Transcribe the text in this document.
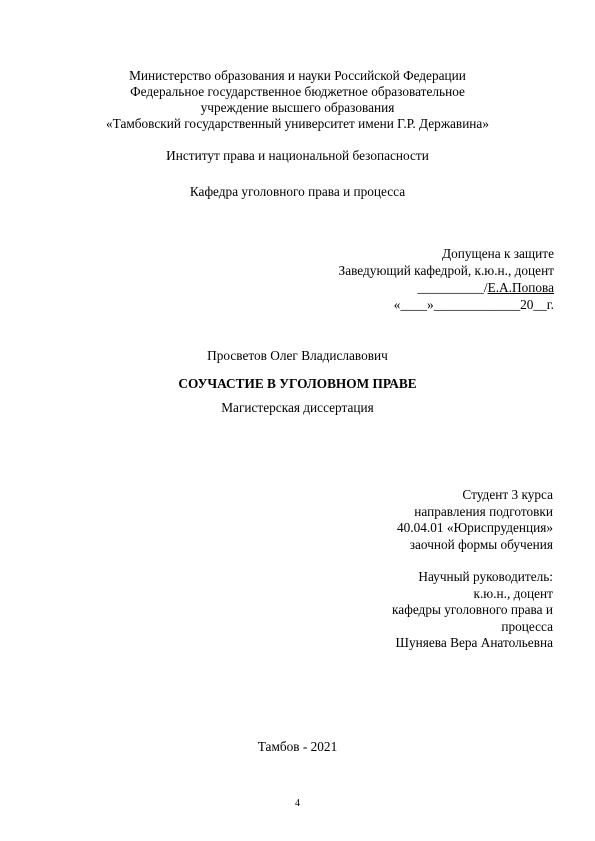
Министерство образования и науки Российской Федерации
Федеральное государственное бюджетное образовательное
учреждение высшего образования
«Тамбовский государственный университет имени Г.Р. Державина»
Институт права и национальной безопасности
Кафедра уголовного права и процесса
Допущена к защите
Заведующий кафедрой, к.ю.н., доцент
__________/Е.А.Попова
«____»_____________20__г.
Просветов Олег Владиславович
СОУЧАСТИЕ В УГОЛОВНОМ ПРАВЕ
Магистерская диссертация
Студент 3 курса
направления подготовки
40.04.01 «Юриспруденция»
заочной формы обучения
Научный руководитель:
к.ю.н., доцент
кафедры уголовного права и
процесса
Шуняева Вера Анатольевна
Тамбов - 2021
4
